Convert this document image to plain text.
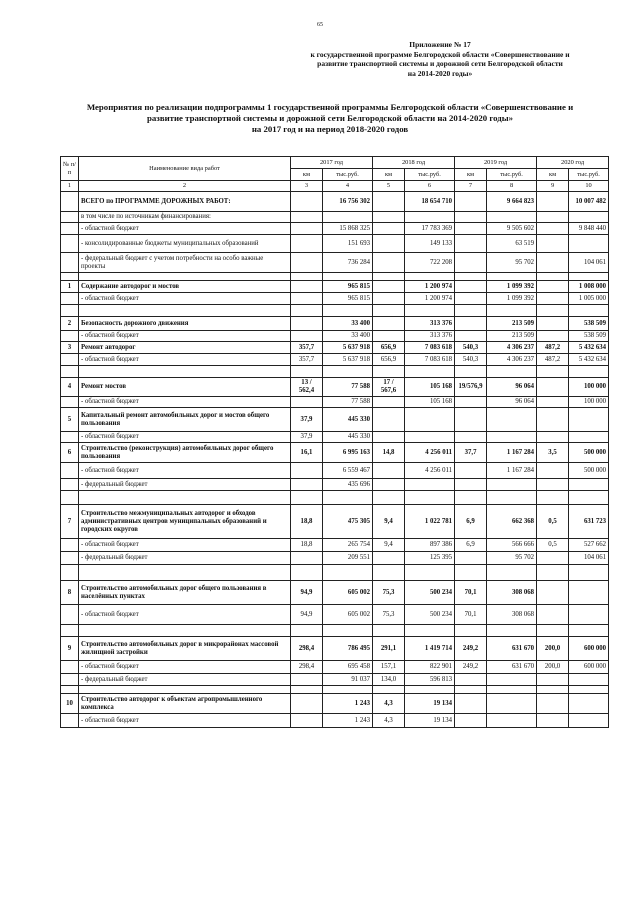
65
Приложение № 17
к государственной программе Белгородской области «Совершенствование и
развитие транспортной системы и дорожной сети Белгородской области
на 2014-2020 годы»
Мероприятия по реализации подпрограммы 1 государственной программы Белгородской области «Совершенствование и
развитие транспортной системы и дорожной сети Белгородской области на 2014-2020 годы»
на 2017 год и на период 2018-2020 годов
№ п/п	Наименование вида работ	2017 год		2018 год		2019 год		2020 год	
		км	тыс.руб.	км	тыс.руб.	км	тыс.руб.	км	тыс.руб.
1	2	3	4	5	6	7	8	9	10
	ВСЕГО по ПРОГРАММЕ ДОРОЖНЫХ РАБОТ:		16 756 302		18 654 710		9 664 823		10 007 482
	в том числе по источникам финансирования:								
	- областной бюджет		15 868 325		17 783 369		9 505 602		9 848 440
	- консолидированные бюджеты муниципальных образований		151 693		149 133		63 519		
	- федеральный бюджет с учетом потребности на особо важные проекты		736 284		722 208		95 702		104 061

1	Содержание автодорог и мостов		965 815		1 200 974		1 099 392		1 008 000
	- областной бюджет		965 815		1 200 974		1 099 392		1 005 000

2	Безопасность дорожного движения		33 400		313 376		213 509		538 509
	- областной бюджет		33 400		313 376		213 509		538 509
3	Ремонт автодорог	357,7	5 637 918	656,9	7 083 618	540,3	4 306 237	487,2	5 432 634
	- областной бюджет	357,7	5 637 918	656,9	7 083 618	540,3	4 306 237	487,2	5 432 634

4	Ремонт мостов	13 / 562,4	77 588	17 / 567,6	105 168	19/576,9	96 064		100 000
	- областной бюджет		77 588		105 168		96 064		100 000
5	Капитальный ремонт автомобильных дорог и мостов общего пользования	37,9	445 330						
	- областной бюджет	37,9	445 330						
6	Строительство (реконструкция) автомобильных дорог общего пользования	16,1	6 995 163	14,8	4 256 011	37,7	1 167 284	3,5	500 000
	- областной бюджет		6 559 467		4 256 011		1 167 284		500 000
	- федеральный бюджет		435 696						

7	Строительство межмуниципальных автодорог и обходов административных центров муниципальных образований и городских округов	18,8	475 305	9,4	1 022 781	6,9	662 368	0,5	631 723
	- областной бюджет	18,8	265 754	9,4	897 386	6,9	566 666	0,5	527 662
	- федеральный бюджет		209 551		125 395		95 702		104 061

8	Строительство автомобильных дорог общего пользования в населённых пунктах	94,9	605 002	75,3	500 234	70,1	308 068		
	- областной бюджет	94,9	605 002	75,3	500 234	70,1	308 068		

9	Строительство автомобильных дорог в микрорайонах массовой жилищной застройки	298,4	786 495	291,1	1 419 714	249,2	631 670	200,0	600 000
	- областной бюджет	298,4	695 458	157,1	822 901	249,2	631 670	200,0	600 000
	- федеральный бюджет		91 037	134,0	596 813				

10	Строительство автодорог к объектам агропромышленного комплекса		1 243	4,3	19 134				
	- областной бюджет		1 243	4,3	19 134				
